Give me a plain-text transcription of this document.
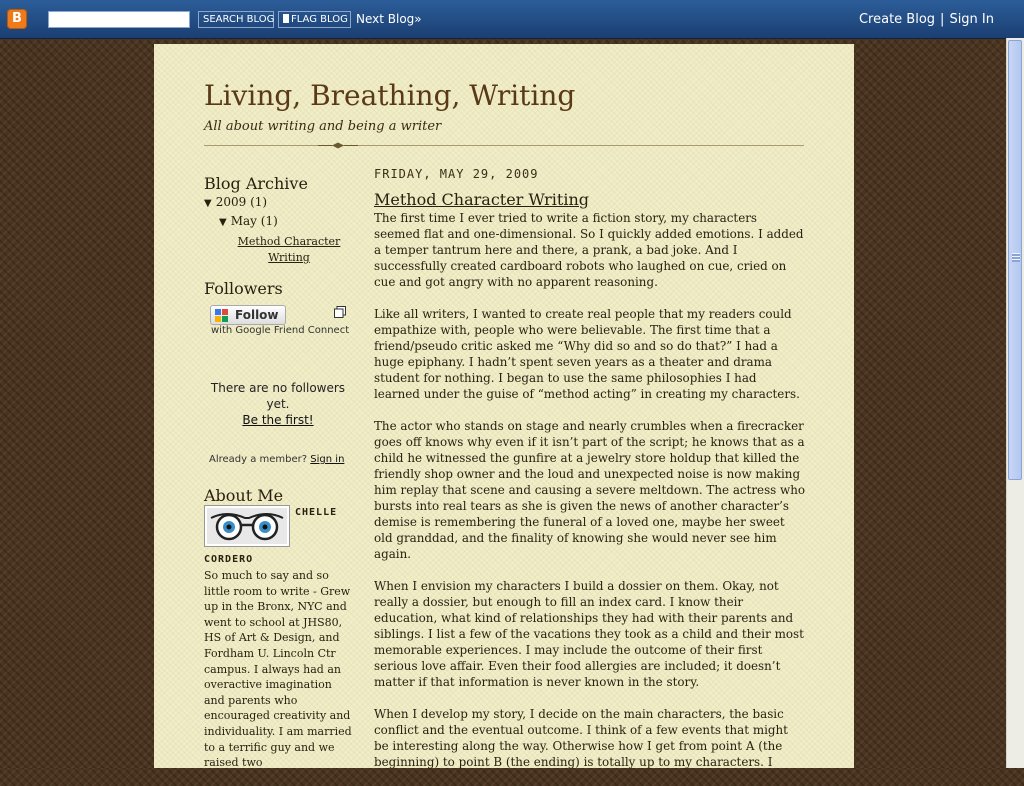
B	SEARCH BLOG	FLAG BLOG Next Blog»	Create Blog | Sign In
Living, Breathing, Writing

All about writing and being a writer

Blog Archive
▼ 2009 (1)
▼ May (1)
Method Character Writing
Followers
Follow
with Google Friend Connect
There are no followers yet.
Be the first!
Already a member? Sign in
About Me
CHELLE
CORDERO
So much to say and so little room to write - Grew up in the Bronx, NYC and went to school at JHS80, HS of Art & Design, and Fordham U. Lincoln Ctr campus. I always had an overactive imagination and parents who encouraged creativity and individuality. I am married to a terrific guy and we raised two
FRIDAY, MAY 29, 2009
Method Character Writing

The first time I ever tried to write a fiction story, my characters seemed flat and one-dimensional. So I quickly added emotions. I added a temper tantrum here and there, a prank, a bad joke. And I successfully created cardboard robots who laughed on cue, cried on cue and got angry with no apparent reasoning.

Like all writers, I wanted to create real people that my readers could empathize with, people who were believable. The first time that a friend/pseudo critic asked me “Why did so and so do that?” I had a huge epiphany. I hadn’t spent seven years as a theater and drama student for nothing. I began to use the same philosophies I had learned under the guise of “method acting” in creating my characters.

The actor who stands on stage and nearly crumbles when a firecracker goes off knows why even if it isn’t part of the script; he knows that as a child he witnessed the gunfire at a jewelry store holdup that killed the friendly shop owner and the loud and unexpected noise is now making him replay that scene and causing a severe meltdown. The actress who bursts into real tears as she is given the news of another character’s demise is remembering the funeral of a loved one, maybe her sweet old granddad, and the finality of knowing she would never see him again.

When I envision my characters I build a dossier on them. Okay, not really a dossier, but enough to fill an index card. I know their education, what kind of relationships they had with their parents and siblings. I list a few of the vacations they took as a child and their most memorable experiences. I may include the outcome of their first serious love affair. Even their food allergies are included; it doesn’t matter if that information is never known in the story.

When I develop my story, I decide on the main characters, the basic conflict and the eventual outcome. I think of a few events that might be interesting along the way. Otherwise how I get from point A (the beginning) to point B (the ending) is totally up to my characters. I
